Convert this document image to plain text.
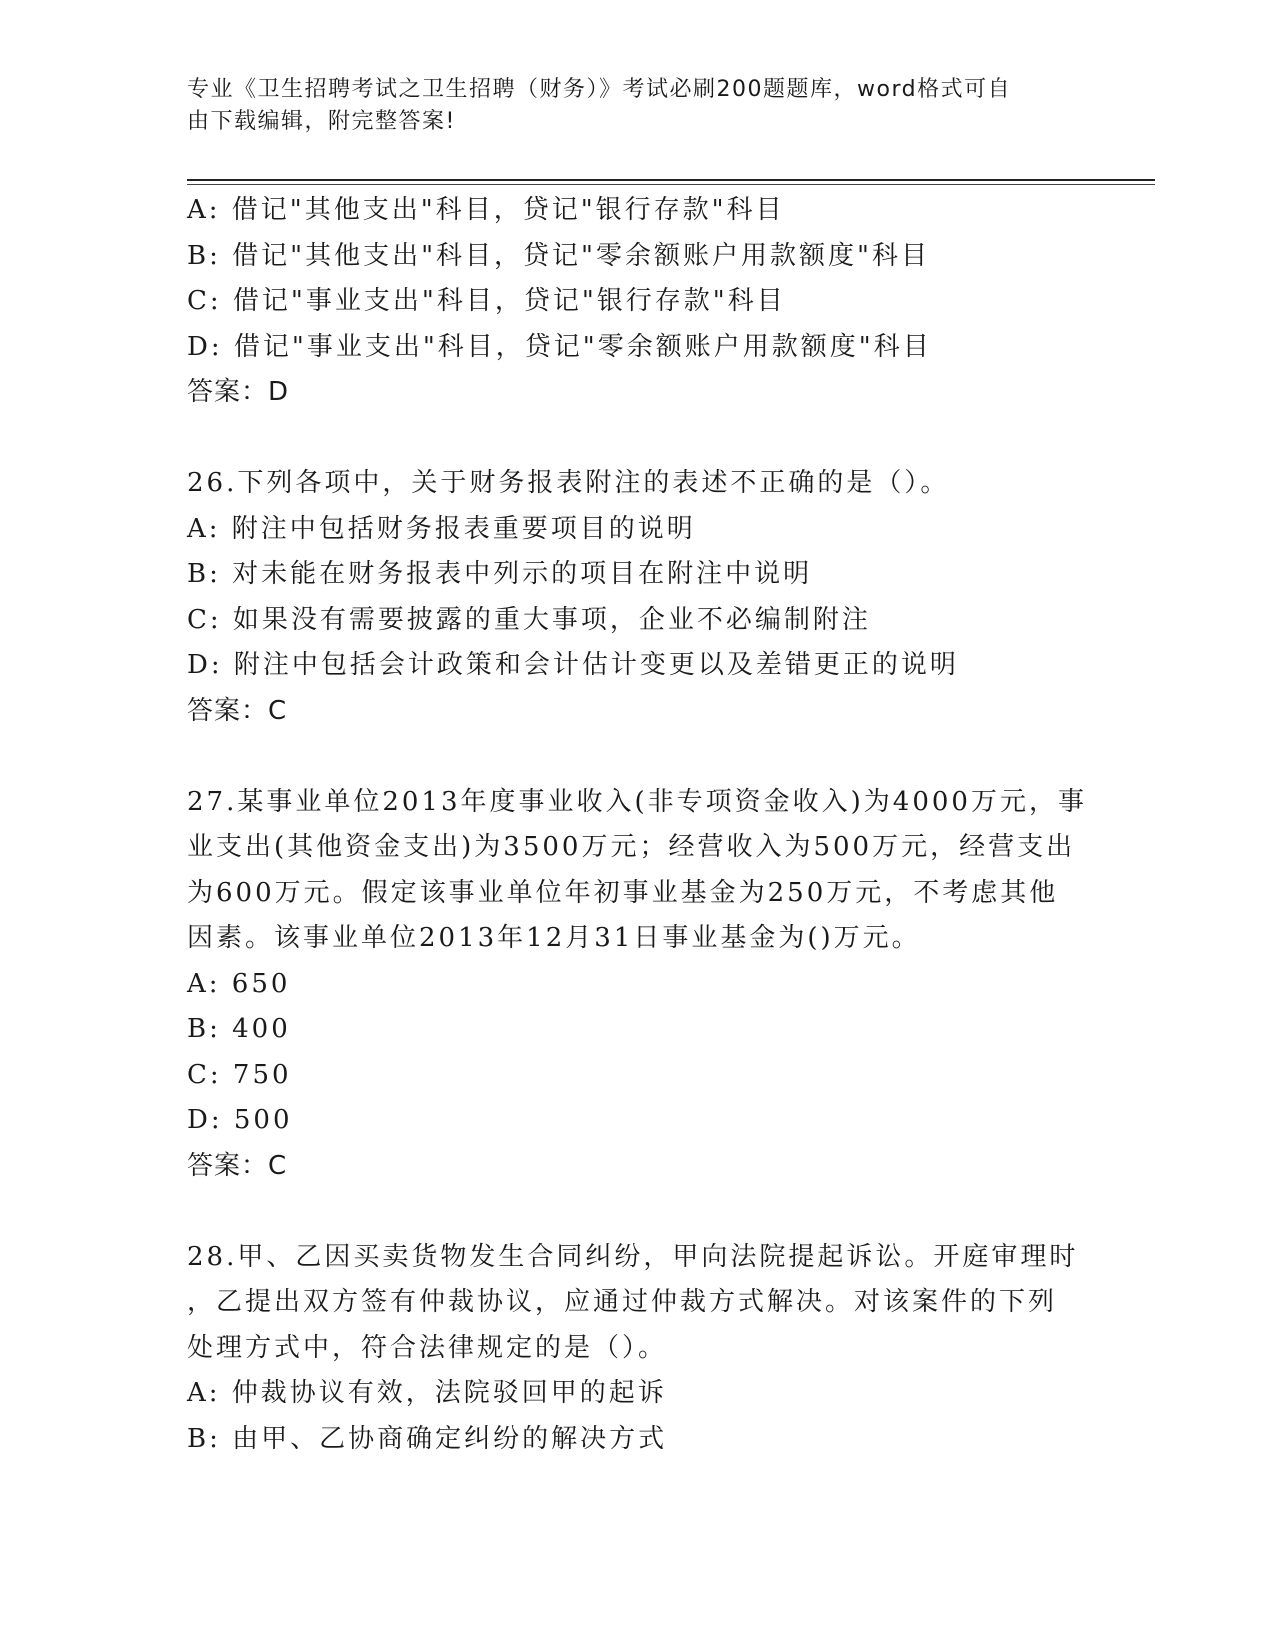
专业《卫生招聘考试之卫生招聘（财务）》考试必刷200题题库，word格式可自
由下载编辑，附完整答案!
A: 借记"其他支出"科目，贷记"银行存款"科目
B: 借记"其他支出"科目，贷记"零余额账户用款额度"科目
C: 借记"事业支出"科目，贷记"银行存款"科目
D: 借记"事业支出"科目，贷记"零余额账户用款额度"科目
答案：D
26.下列各项中，关于财务报表附注的表述不正确的是（）。
A: 附注中包括财务报表重要项目的说明
B: 对未能在财务报表中列示的项目在附注中说明
C: 如果没有需要披露的重大事项，企业不必编制附注
D: 附注中包括会计政策和会计估计变更以及差错更正的说明
答案：C
27.某事业单位2013年度事业收入(非专项资金收入)为4000万元，事
业支出(其他资金支出)为3500万元；经营收入为500万元，经营支出
为600万元。假定该事业单位年初事业基金为250万元，不考虑其他
因素。该事业单位2013年12月31日事业基金为()万元。
A: 650
B: 400
C: 750
D: 500
答案：C
28.甲、乙因买卖货物发生合同纠纷，甲向法院提起诉讼。开庭审理时
，乙提出双方签有仲裁协议，应通过仲裁方式解决。对该案件的下列
处理方式中，符合法律规定的是（）。
A: 仲裁协议有效，法院驳回甲的起诉
B: 由甲、乙协商确定纠纷的解决方式
